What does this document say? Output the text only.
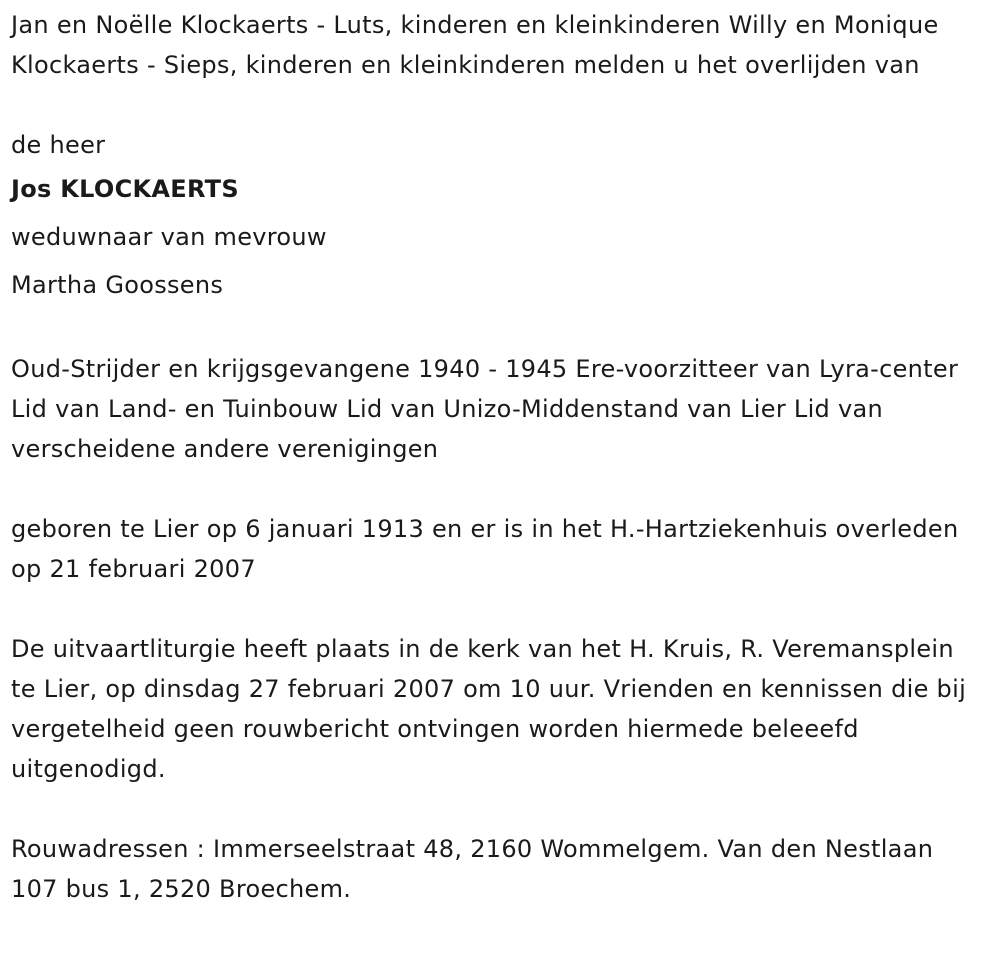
Jan en Noëlle Klockaerts - Luts, kinderen en kleinkinderen Willy en Monique Klockaerts - Sieps, kinderen en kleinkinderen melden u het overlijden van

de heer

Jos KLOCKAERTS

weduwnaar van mevrouw

Martha Goossens

Oud-Strijder en krijgsgevangene 1940 - 1945 Ere-voorzitteer van Lyra-center Lid van Land- en Tuinbouw Lid van Unizo-Middenstand van Lier Lid van verscheidene andere verenigingen

geboren te Lier op 6 januari 1913 en er is in het H.-Hartziekenhuis overleden op 21 februari 2007

De uitvaartliturgie heeft plaats in de kerk van het H. Kruis, R. Veremansplein te Lier, op dinsdag 27 februari 2007 om 10 uur. Vrienden en kennissen die bij vergetelheid geen rouwbericht ontvingen worden hiermede beleeefd uitgenodigd.

Rouwadressen : Immerseelstraat 48, 2160 Wommelgem. Van den Nestlaan 107 bus 1, 2520 Broechem.
